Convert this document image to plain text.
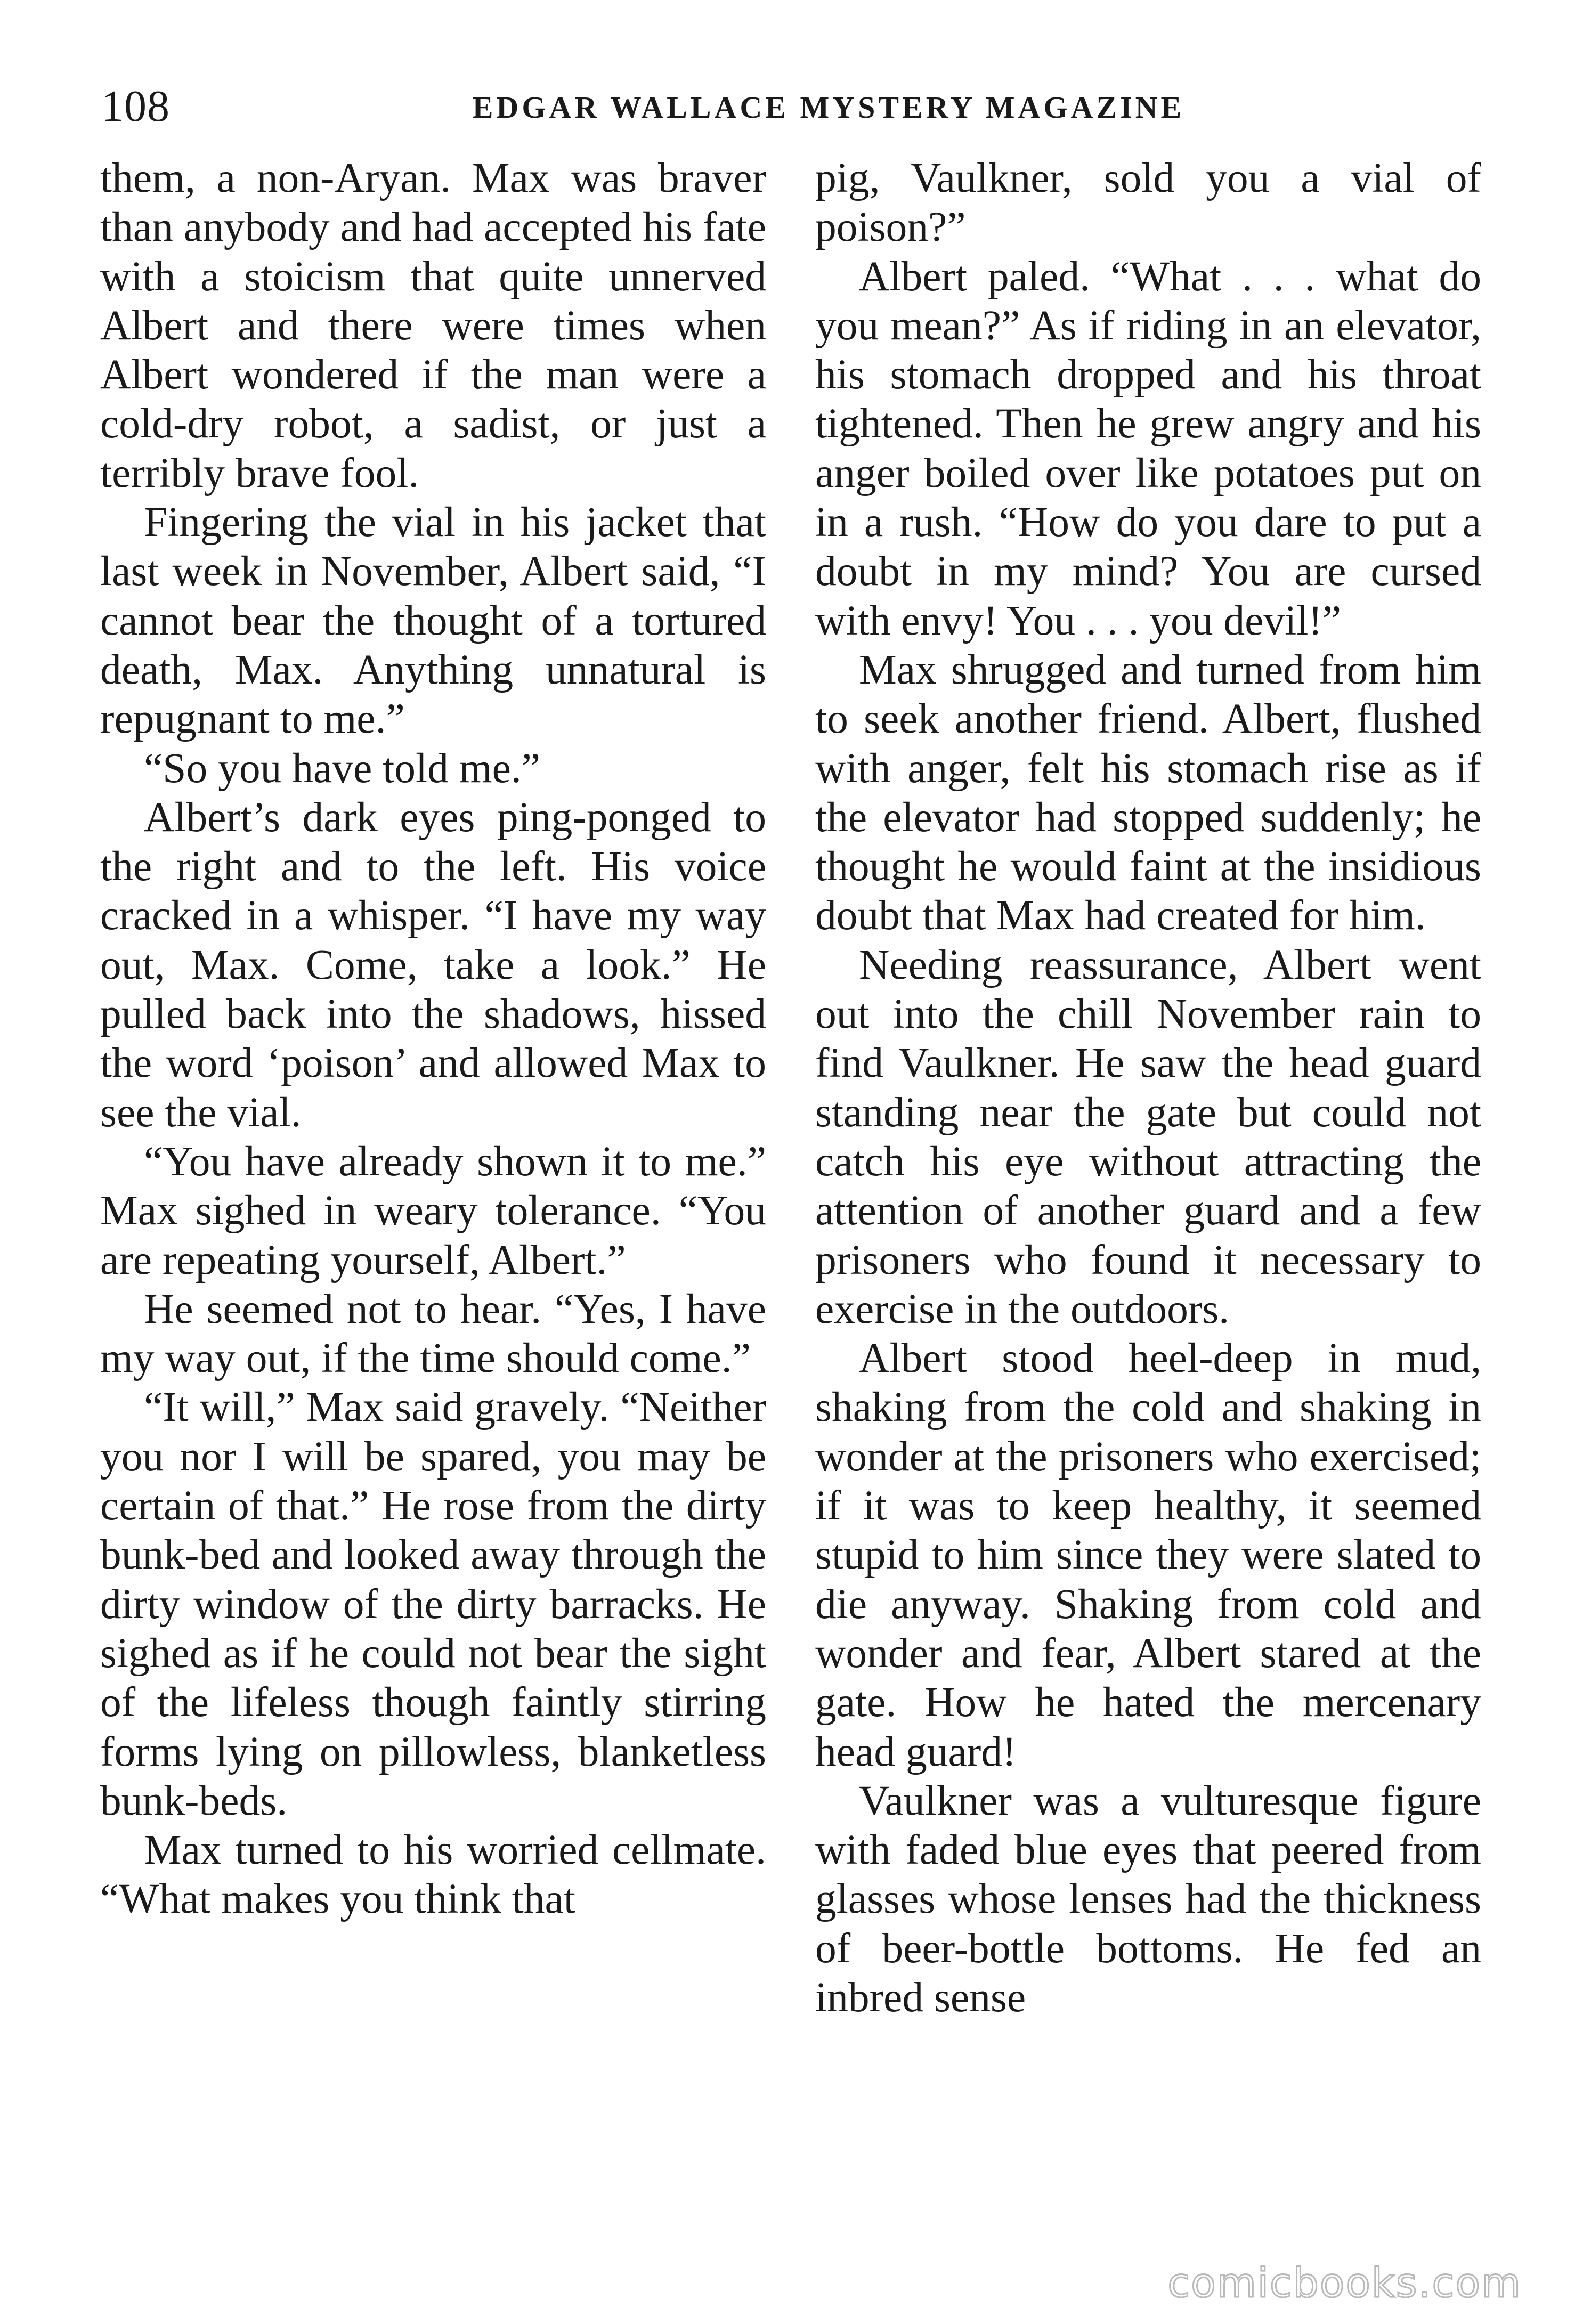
108	EDGAR WALLACE MYSTERY MAGAZINE

them, a non-Aryan. Max was braver than anybody and had accepted his fate with a stoicism that quite unnerved Albert and there were times when Albert wondered if the man were a cold-dry robot, a sadist, or just a terribly brave fool.

Fingering the vial in his jacket that last week in November, Albert said, “I cannot bear the thought of a tortured death, Max. Anything unnatural is repugnant to me.”

“So you have told me.”

Albert’s dark eyes ping-ponged to the right and to the left. His voice cracked in a whisper. “I have my way out, Max. Come, take a look.” He pulled back into the shadows, hissed the word ‘poison’ and allowed Max to see the vial.

“You have already shown it to me.” Max sighed in weary tolerance. “You are repeating yourself, Albert.”

He seemed not to hear. “Yes, I have my way out, if the time should come.”

“It will,” Max said gravely. “Neither you nor I will be spared, you may be certain of that.” He rose from the dirty bunk-bed and looked away through the dirty window of the dirty barracks. He sighed as if he could not bear the sight of the lifeless though faintly stirring forms lying on pillowless, blanketless bunk-beds.

Max turned to his worried cellmate. “What makes you think that

pig, Vaulkner, sold you a vial of poison?”

Albert paled. “What . . . what do you mean?” As if riding in an elevator, his stomach dropped and his throat tightened. Then he grew angry and his anger boiled over like potatoes put on in a rush. “How do you dare to put a doubt in my mind? You are cursed with envy! You . . . you devil!”

Max shrugged and turned from him to seek another friend. Albert, flushed with anger, felt his stomach rise as if the elevator had stopped suddenly; he thought he would faint at the insidious doubt that Max had created for him.

Needing reassurance, Albert went out into the chill November rain to find Vaulkner. He saw the head guard standing near the gate but could not catch his eye without attracting the attention of another guard and a few prisoners who found it necessary to exercise in the outdoors.

Albert stood heel-deep in mud, shaking from the cold and shaking in wonder at the prisoners who exercised; if it was to keep healthy, it seemed stupid to him since they were slated to die anyway. Shaking from cold and wonder and fear, Albert stared at the gate. How he hated the mercenary head guard!

Vaulkner was a vulturesque figure with faded blue eyes that peered from glasses whose lenses had the thickness of beer-bottle bottoms. He fed an inbred sense

comicbooks.com
